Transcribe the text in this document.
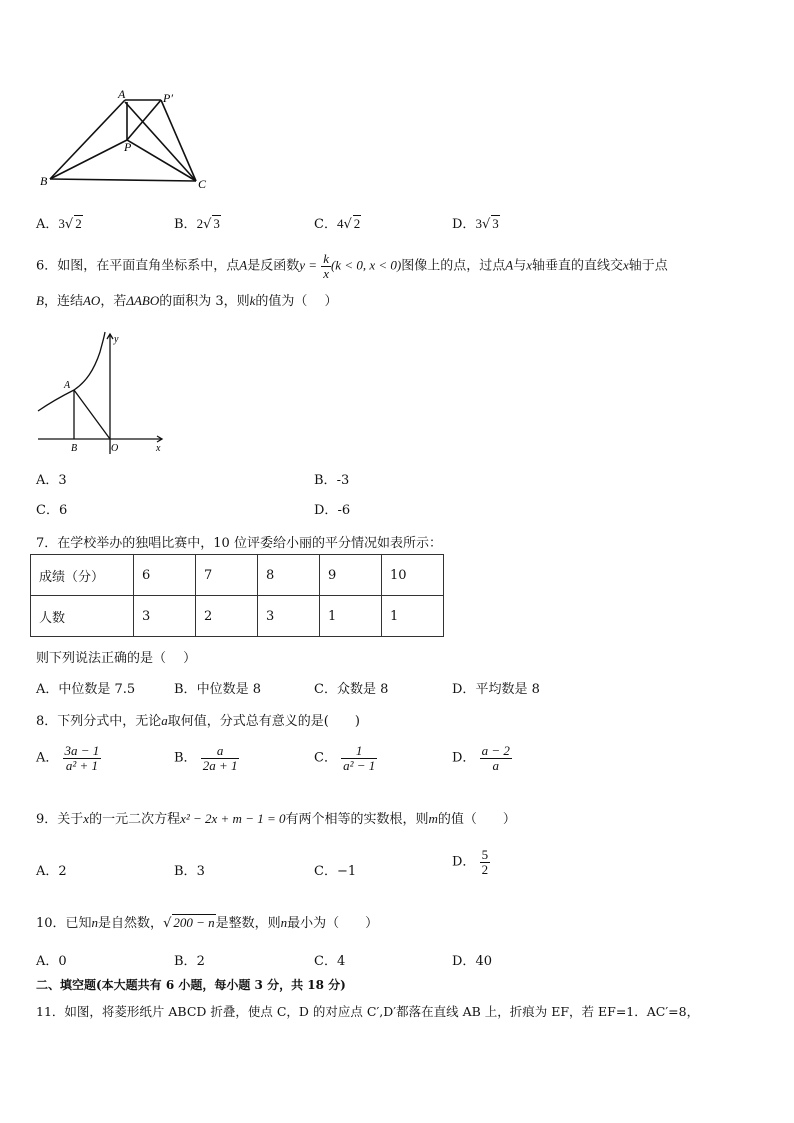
A	P′
P
B	C
A．3√ 2	B．2√ 3	C．4√ 2	D．3√ 3
6．如图，在平面直角坐标系中，点A是反函数$y = \frac{k}{x} (k < 0$, x < 0)图像上的点，过点A与x轴垂直的直线交x轴于点
B，连结AO，若ΔABO的面积为 3，则k的值为（　 ）
y
A
B	O	x
A．3	B．-3
C．6	D．-6
7．在学校举办的独唱比赛中，10 位评委给小丽的平分情况如表所示：
成绩（分）	6	7	8	9	10
人数	3	2	3	1	1
则下列说法正确的是（　 ）
A．中位数是 7.5	B．中位数是 8	C．众数是 8	D．平均数是 8
8．下列分式中，无论a取何值，分式总有意义的是(　　)
A． $\frac{3a - 1}{\text{a² + 1}}$	B． $\frac{a}{2a + 1}$	C． $\frac{1}{\text{a² − 1}}$	D． $\frac{a - 2}{a}$
9．关于x的一元二次方程x² − 2x + m − 1 = 0有两个相等的实数根，则m的值（　　）
A．2	B．3	C．−1
D． $\frac{5}{2}$
10．已知n是自然数，√ 200 − n是整数，则n最小为（　　）
A．0	B．2	C．4	D．40
二、填空题(本大题共有 6 小题，每小题 3 分，共 18 分)
11．如图，将菱形纸片 ABCD 折叠，使点 C，D 的对应点 C′,D′都落在直线 AB 上，折痕为 EF，若 EF=1．AC′=8，
